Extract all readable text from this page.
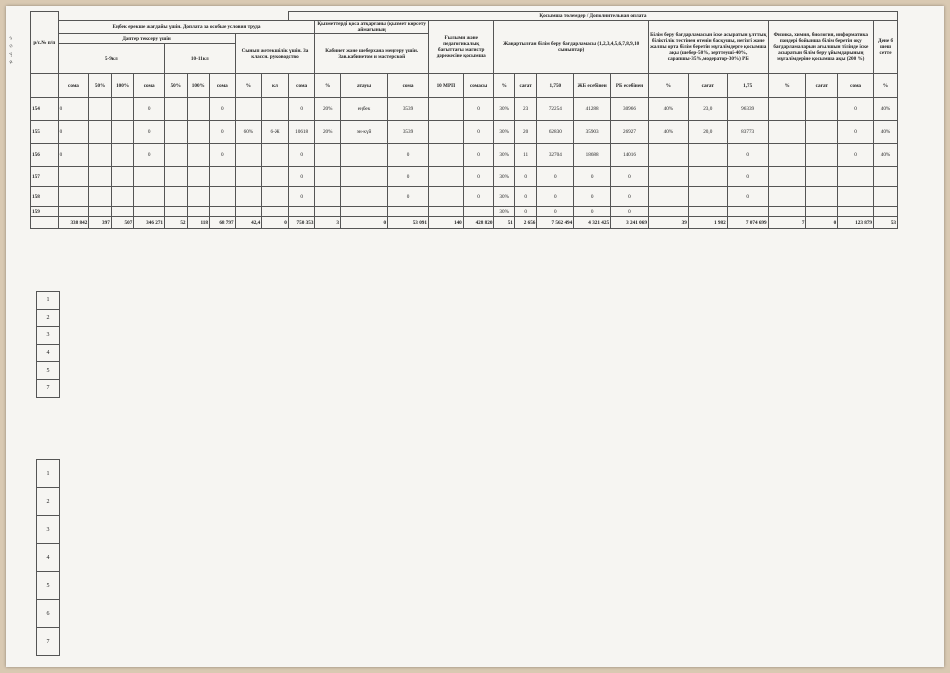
з
о
у
я
р/с.№ п/п										Қосымша төлемдер / Дополнительная оплата																	
	Еңбек ерекше жағдайы үшін. Доплата за особые условия труда										Қызметтерді қоса атқарғаны (қызмет көрсету аймағының			Ғылыми және педагогикалық бағыттағы магистр дәрежесіне қосымша		Жаңартылған білім беру бағдарламасы (1,2,3,4,5,6,7,8,9,10 сыныптар)					Білім беру бағдарламасын іске асыратын ұлттық біліктілік тестінен өтеиін басқушы, негізгі және жалпы орта білім беретін мұғалімдерге қосымша ақы (шебер-50%, зерттеуші-40%, сарапшы-35%,модератор-30%) РБ			Физика, химия, биология, информатика пәндері бойынша білім беретін оқу бағдарламаларын ағылшын тілінде іске асыратын білім беру ұйымдарының мұғалімдеріне қосымша ақы (200 %)			Дене б шеш сетте
	Дәптер тексеру үшін							Сынып жетекшілік үшін. За классн. руководство			Кабинет және шеберхана меңгеру үшін. Зав.кабинетом и мастерской																
	5-9кл				10-11кл																						
	сома	50%	100%	сома	50%	100%	сома	%	кл	сома	%	атауы	сома	10 МРП	сомасы	%	сағат	1,750	ЖБ есебінен	РБ есебінен	%	сағат	1,75	%	сағат	сома	%
154	0			0			0			0	20%	еңбек	3539		0	30%	23	72254	41288	30966	40%	23,0	96339			0	40%
155	0			0			0	60%	6-Ж	10618	20%	эн-күй	3539		0	30%	20	62830	35903	26927	40%	20,0	83773			0	40%
156	0			0			0			0			0		0	30%	11	32704	18688	14016			0			0	40%
157										0			0		0	30%	0	0	0	0			0				
158										0			0		0	30%	0	0	0	0			0				
159																30%	0	0	0	0							
	338 842	397	507	346 271	52	118	68 797	42,4	0	750 353	3	0	53 091	140	428 820	51	2 656	7 562 494	4 321 425	3 241 069	39	1 982	7 074 699	7	0	123 879	53
1
2
3
4
5
7
1
2
3
4
5
6
7
